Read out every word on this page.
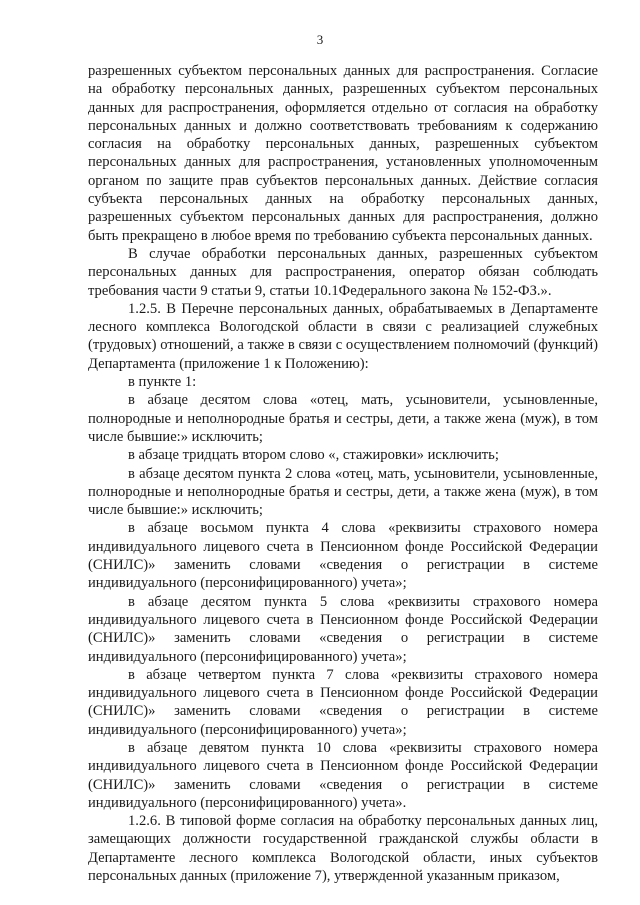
3

разрешенных субъектом персональных данных для распространения. Согласие на обработку персональных данных, разрешенных субъектом персональных данных для распространения, оформляется отдельно от согласия на обработку персональных данных и должно соответствовать требованиям к содержанию согласия на обработку персональных данных, разрешенных субъектом персональных данных для распространения, установленных уполномоченным органом по защите прав субъектов персональных данных. Действие согласия субъекта персональных данных на обработку персональных данных, разрешенных субъектом персональных данных для распространения, должно быть прекращено в любое время по требованию субъекта персональных данных.

В случае обработки персональных данных, разрешенных субъектом персональных данных для распространения, оператор обязан соблюдать требования части 9 статьи 9, статьи 10.1Федерального закона № 152-ФЗ.».

1.2.5. В Перечне персональных данных, обрабатываемых в Департаменте лесного комплекса Вологодской области в связи с реализацией служебных (трудовых) отношений, а также в связи с осуществлением полномочий (функций) Департамента (приложение 1 к Положению):

в пункте 1:

в абзаце десятом слова «отец, мать, усыновители, усыновленные, полнородные и неполнородные братья и сестры, дети, а также жена (муж), в том числе бывшие:» исключить;

в абзаце тридцать втором слово «, стажировки» исключить;

в абзаце десятом пункта 2 слова «отец, мать, усыновители, усыновленные, полнородные и неполнородные братья и сестры, дети, а также жена (муж), в том числе бывшие:» исключить;

в абзаце восьмом пункта 4 слова «реквизиты страхового номера индивидуального лицевого счета в Пенсионном фонде Российской Федерации (СНИЛС)» заменить словами «сведения о регистрации в системе индивидуального (персонифицированного) учета»;

в абзаце десятом пункта 5 слова «реквизиты страхового номера индивидуального лицевого счета в Пенсионном фонде Российской Федерации (СНИЛС)» заменить словами «сведения о регистрации в системе индивидуального (персонифицированного) учета»;

в абзаце четвертом пункта 7 слова «реквизиты страхового номера индивидуального лицевого счета в Пенсионном фонде Российской Федерации (СНИЛС)» заменить словами «сведения о регистрации в системе индивидуального (персонифицированного) учета»;

в абзаце девятом пункта 10 слова «реквизиты страхового номера индивидуального лицевого счета в Пенсионном фонде Российской Федерации (СНИЛС)» заменить словами «сведения о регистрации в системе индивидуального (персонифицированного) учета».

1.2.6. В типовой форме согласия на обработку персональных данных лиц, замещающих должности государственной гражданской службы области в Департаменте лесного комплекса Вологодской области, иных субъектов персональных данных (приложение 7), утвержденной указанным приказом,
